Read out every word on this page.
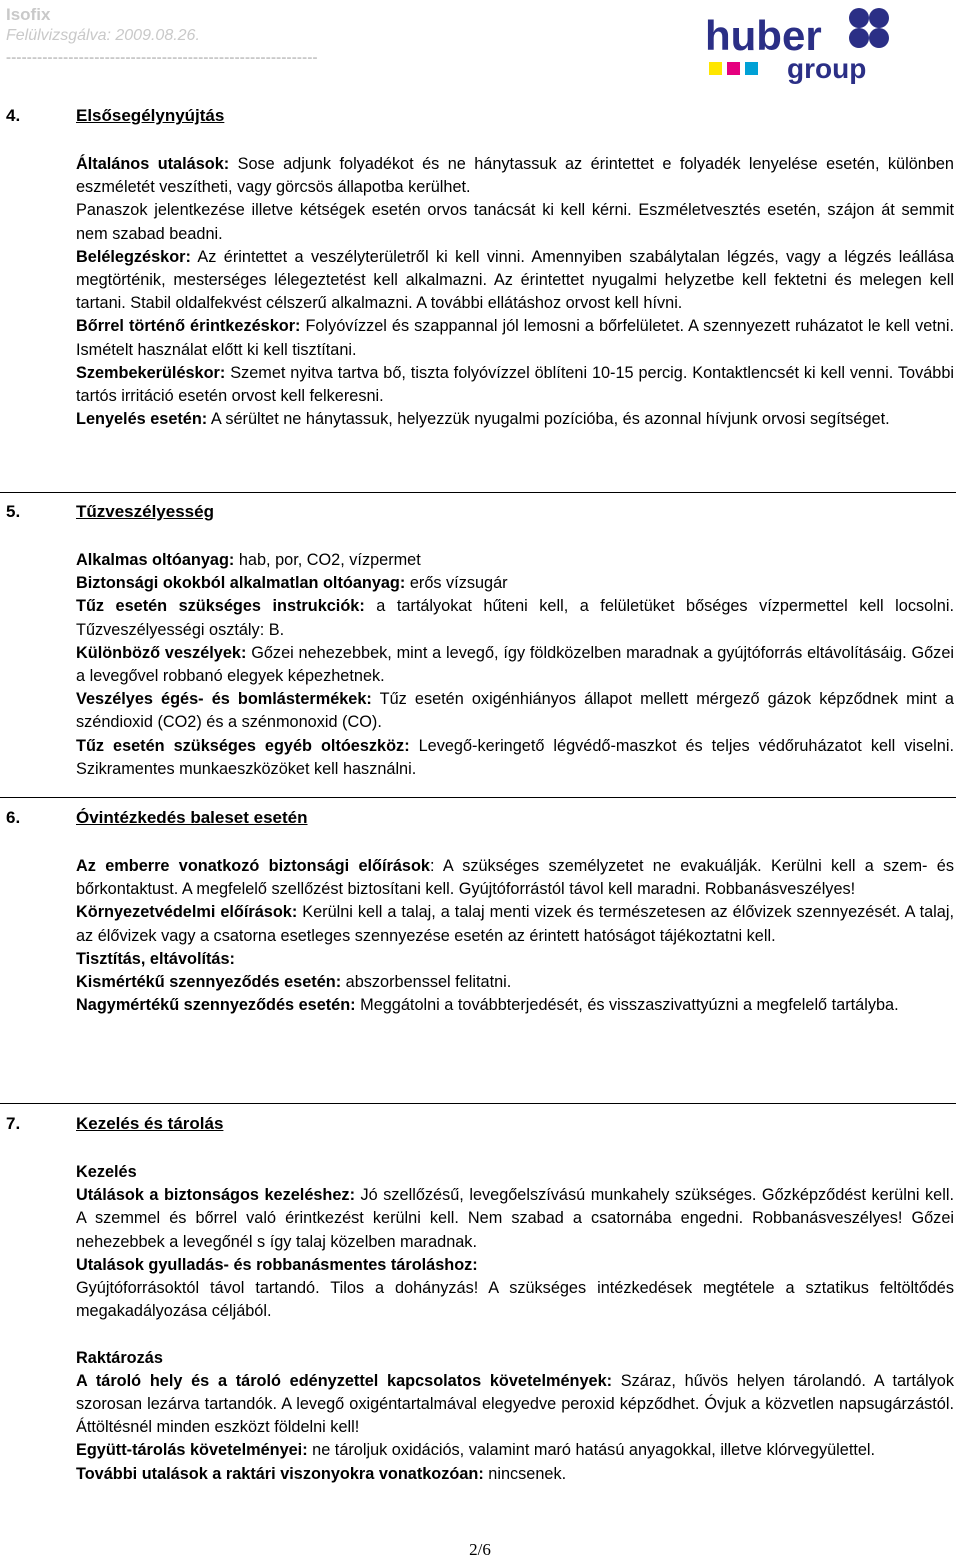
Isofix
Felülvizsgálva: 2009.08.26.
------------------------------------------------------------	huber
group
4.	Elsősegélynyújtás

Általános utalások: Sose adjunk folyadékot és ne hánytassuk az érintettet e folyadék lenyelése esetén, különben eszméletét veszítheti, vagy görcsös állapotba kerülhet.

Panaszok jelentkezése illetve kétségek esetén orvos tanácsát ki kell kérni. Eszméletvesztés esetén, szájon át semmit nem szabad beadni.

Belélegzéskor: Az érintettet a veszélyterületről ki kell vinni. Amennyiben szabálytalan légzés, vagy a légzés leállása megtörténik, mesterséges lélegeztetést kell alkalmazni. Az érintettet nyugalmi helyzetbe kell fektetni és melegen kell tartani. Stabil oldalfekvést célszerű alkalmazni. A további ellátáshoz orvost kell hívni.

Bőrrel történő érintkezéskor: Folyóvízzel és szappannal jól lemosni a bőrfelületet. A szennyezett ruházatot le kell vetni. Ismételt használat előtt ki kell tisztítani.

Szembekerüléskor: Szemet nyitva tartva bő, tiszta folyóvízzel öblíteni 10-15 percig. Kontaktlencsét ki kell venni. További tartós irritáció esetén orvost kell felkeresni.

Lenyelés esetén: A sérültet ne hánytassuk, helyezzük nyugalmi pozícióba, és azonnal hívjunk orvosi segítséget.

5.	Tűzveszélyesség

Alkalmas oltóanyag: hab, por, CO2, vízpermet

Biztonsági okokból alkalmatlan oltóanyag: erős vízsugár

Tűz esetén szükséges instrukciók: a tartályokat hűteni kell, a felületüket bőséges vízpermettel kell locsolni. Tűzveszélyességi osztály: B.

Különböző veszélyek: Gőzei nehezebbek, mint a levegő, így földközelben maradnak a gyújtóforrás eltávolításáig. Gőzei a levegővel robbanó elegyek képezhetnek.

Veszélyes égés- és bomlástermékek: Tűz esetén oxigénhiányos állapot mellett mérgező gázok képződnek mint a széndioxid (CO2) és a szénmonoxid (CO).

Tűz esetén szükséges egyéb oltóeszköz: Levegő-keringető légvédő-maszkot és teljes védőruházatot kell viselni. Szikramentes munkaeszközöket kell használni.

6.	Óvintézkedés baleset esetén

Az emberre vonatkozó biztonsági előírások: A szükséges személyzetet ne evakuálják. Kerülni kell a szem- és bőrkontaktust. A megfelelő szellőzést biztosítani kell. Gyújtóforrástól távol kell maradni. Robbanásveszélyes!

Környezetvédelmi előírások: Kerülni kell a talaj, a talaj menti vizek és természetesen az élővizek szennyezését. A talaj, az élővizek vagy a csatorna esetleges szennyezése esetén az érintett hatóságot tájékoztatni kell.

Tisztítás, eltávolítás:

Kismértékű szennyeződés esetén: abszorbenssel felitatni.

Nagymértékű szennyeződés esetén: Meggátolni a továbbterjedését, és visszaszivattyúzni a megfelelő tartályba.

7.	Kezelés és tárolás

Kezelés

Utálások a biztonságos kezeléshez: Jó szellőzésű, levegőelszívású munkahely szükséges. Gőzképződést kerülni kell. A szemmel és bőrrel való érintkezést kerülni kell. Nem szabad a csatornába engedni. Robbanásveszélyes! Gőzei nehezebbek a levegőnél s így talaj közelben maradnak.

Utalások gyulladás- és robbanásmentes tároláshoz:

Gyújtóforrásoktól távol tartandó. Tilos a dohányzás! A szükséges intézkedések megtétele a sztatikus feltöltődés megakadályozása céljából.

Raktározás

A tároló hely és a tároló edényzettel kapcsolatos követelmények: Száraz, hűvös helyen tárolandó. A tartályok szorosan lezárva tartandók. A levegő oxigéntartalmával elegyedve peroxid képződhet. Óvjuk a közvetlen napsugárzástól. Áttöltésnél minden eszközt földelni kell!

Együtt-tárolás követelményei: ne tároljuk oxidációs, valamint maró hatású anyagokkal, illetve klórvegyülettel.

További utalások a raktári viszonyokra vonatkozóan: nincsenek.

2/6
